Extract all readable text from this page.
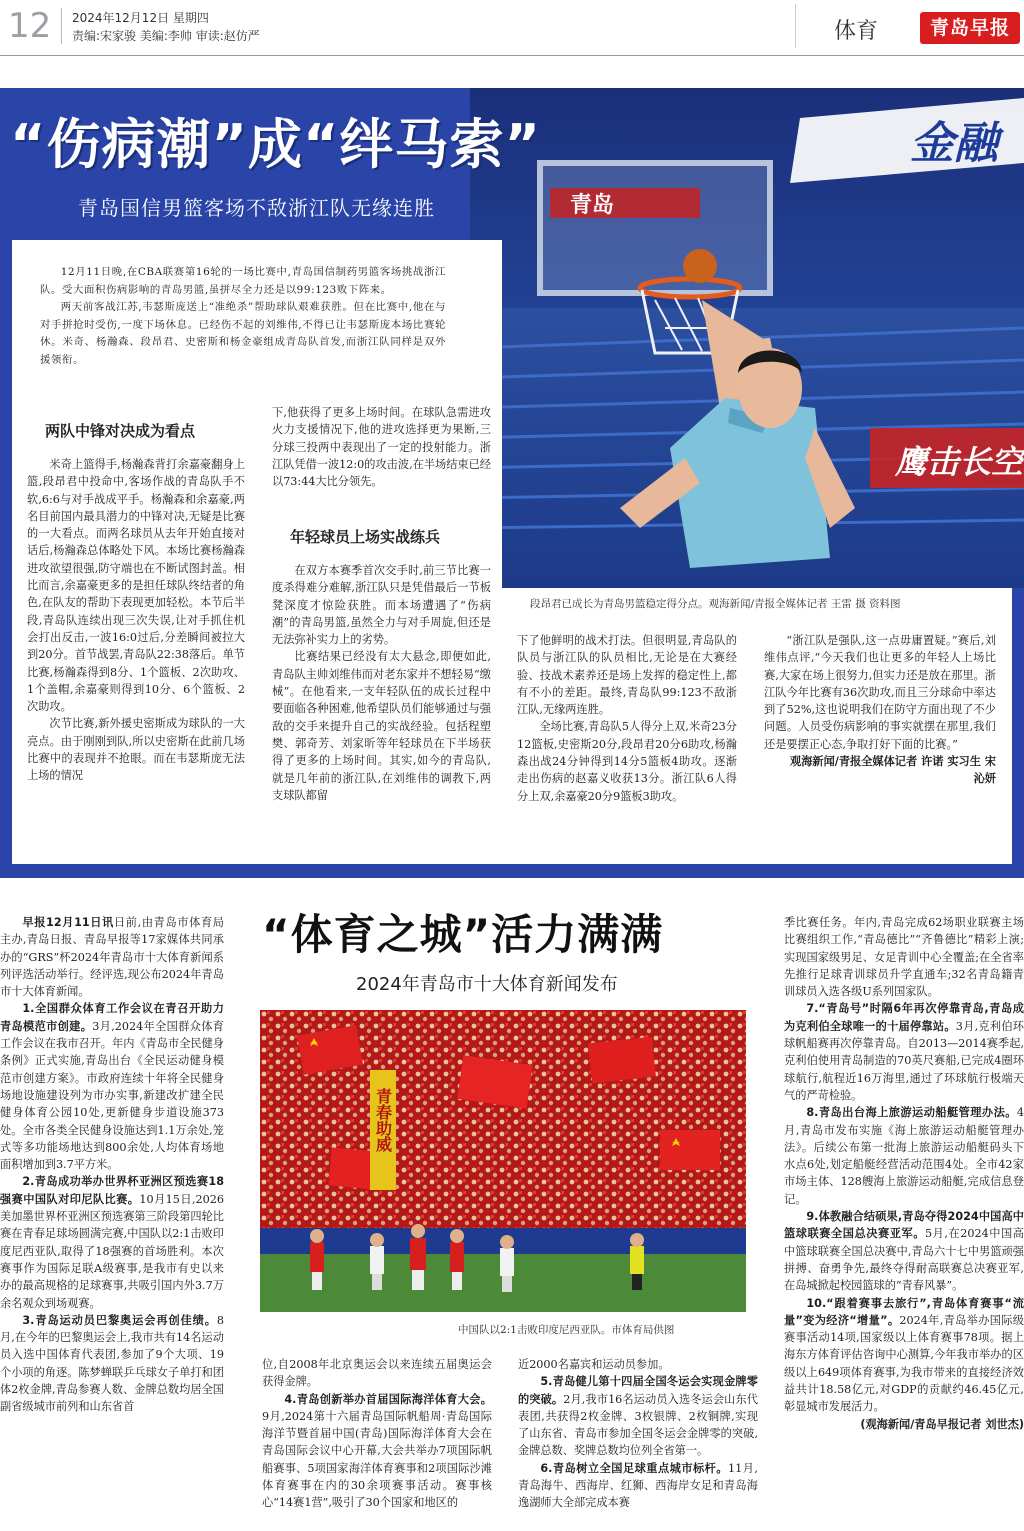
12 2024年12月12日 星期四
责编:宋家骏 美编:李帅 审读:赵仿严	体育	青岛早报
金融
青岛
鹰击长空
“伤病潮”成“绊马索”
青岛国信男篮客场不敌浙江队无缘连胜

12月11日晚,在CBA联赛第16轮的一场比赛中,青岛国信制药男篮客场挑战浙江队。受大面积伤病影响的青岛男篮,虽拼尽全力还是以99:123败下阵来。

两天前客战江苏,韦瑟斯庞送上“准绝杀”帮助球队艰难获胜。但在比赛中,他在与对手拼抢时受伤,一度下场休息。已经伤不起的刘维伟,不得已让韦瑟斯庞本场比赛轮休。米奇、杨瀚森、段昂君、史密斯和杨金豪组成青岛队首发,而浙江队同样是双外援领衔。

两队中锋对决成为看点

米奇上篮得手,杨瀚森背打余嘉豪翻身上篮,段昂君中投命中,客场作战的青岛队手不软,6:6与对手战成平手。杨瀚森和余嘉豪,两名目前国内最具潜力的中锋对决,无疑是比赛的一大看点。而两名球员从去年开始直接对话后,杨瀚森总体略处下风。本场比赛杨瀚森进攻欲望很强,防守端也在不断试图封盖。相比而言,余嘉豪更多的是担任球队终结者的角色,在队友的帮助下表现更加轻松。本节后半段,青岛队连续出现三次失误,让对手抓住机会打出反击,一波16:0过后,分差瞬间被拉大到20分。首节战罢,青岛队22:38落后。单节比赛,杨瀚森得到8分、1个篮板、2次助攻、1个盖帽,余嘉豪则得到10分、6个篮板、2次助攻。

次节比赛,新外援史密斯成为球队的一大亮点。由于刚刚到队,所以史密斯在此前几场比赛中的表现并不抢眼。而在韦瑟斯庞无法上场的情况

下,他获得了更多上场时间。在球队急需进攻火力支援情况下,他的进攻选择更为果断,三分球三投两中表现出了一定的投射能力。浙江队凭借一波12:0的攻击波,在半场结束已经以73:44大比分领先。

年轻球员上场实战练兵

在双方本赛季首次交手时,前三节比赛一度杀得难分难解,浙江队只是凭借最后一节板凳深度才惊险获胜。而本场遭遇了“伤病潮”的青岛男篮,虽然全力与对手周旋,但还是无法弥补实力上的劣势。

比赛结果已经没有太大悬念,即便如此,青岛队主帅刘维伟而对老东家并不想轻易“缴械”。在他看来,一支年轻队伍的成长过程中要面临各种困难,他希望队员们能够通过与强敌的交手来提升自己的实战经验。包括程塑樊、郭奇芳、刘家昕等年轻球员在下半场获得了更多的上场时间。其实,如今的青岛队,就是几年前的浙江队,在刘维伟的调教下,两支球队都留

段昂君已成长为青岛男篮稳定得分点。观海新闻/青报全媒体记者 王雷 摄 资料图

下了他鲜明的战术打法。但很明显,青岛队的队员与浙江队的队员相比,无论是在大赛经验、技战术素养还是场上发挥的稳定性上,都有不小的差距。最终,青岛队99:123不敌浙江队,无缘两连胜。

全场比赛,青岛队5人得分上双,米奇23分12篮板,史密斯20分,段昂君20分6助攻,杨瀚森出战24分钟得到14分5篮板4助攻。逐渐走出伤病的赵嘉义收获13分。浙江队6人得分上双,余嘉豪20分9篮板3助攻。

“浙江队是强队,这一点毋庸置疑。”赛后,刘维伟点评,“今天我们也让更多的年轻人上场比赛,大家在场上很努力,但实力还是放在那里。浙江队今年比赛有36次助攻,而且三分球命中率达到了52%,这也说明我们在防守方面出现了不少问题。人员受伤病影响的事实就摆在那里,我们还是要摆正心态,争取打好下面的比赛。”

观海新闻/青报全媒体记者 许诺 实习生 宋沁妍

“体育之城”活力满满
2024年青岛市十大体育新闻发布

早报12月11日讯日前,由青岛市体育局主办,青岛日报、青岛早报等17家媒体共同承办的“GRS”杯2024年青岛市十大体育新闻系列评选活动举行。经评选,现公布2024年青岛市十大体育新闻。

1.全国群众体育工作会议在青召开助力青岛模范市创建。3月,2024年全国群众体育工作会议在我市召开。年内《青岛市全民健身条例》正式实施,青岛出台《全民运动健身模范市创建方案》。市政府连续十年将全民健身场地设施建设列为市办实事,新建改扩建全民健身体育公园10处,更新健身步道设施373处。全市各类全民健身设施达到1.1万余处,笼式等多功能场地达到800余处,人均体育场地面积增加到3.7平方米。

2.青岛成功举办世界杯亚洲区预选赛18强赛中国队对印尼队比赛。10月15日,2026美加墨世界杯亚洲区预选赛第三阶段第四轮比赛在青春足球场圆满完赛,中国队以2:1击败印度尼西亚队,取得了18强赛的首场胜利。本次赛事作为国际足联A级赛事,是我市有史以来办的最高规格的足球赛事,共吸引国内外3.7万余名观众到场观赛。

3.青岛运动员巴黎奥运会再创佳绩。8月,在今年的巴黎奥运会上,我市共有14名运动员入选中国体育代表团,参加了9个大项、19个小项的角逐。陈梦蝉联乒乓球女子单打和团体2枚金牌,青岛参赛人数、金牌总数均居全国副省级城市前列和山东省首

青春助威
中国队以2:1击败印度尼西亚队。市体育局供图

位,自2008年北京奥运会以来连续五届奥运会获得金牌。

4.青岛创新举办首届国际海洋体育大会。9月,2024第十六届青岛国际帆船周·青岛国际海洋节暨首届中国(青岛)国际海洋体育大会在青岛国际会议中心开幕,大会共举办7项国际帆船赛事、5项国家海洋体育赛事和2项国际沙滩体育赛事在内的30余项赛事活动。赛事核心“14赛1营”,吸引了30个国家和地区的

近2000名嘉宾和运动员参加。

5.青岛健儿第十四届全国冬运会实现金牌零的突破。2月,我市16名运动员入选冬运会山东代表团,共获得2枚金牌、3枚银牌、2枚铜牌,实现了山东省、青岛市参加全国冬运会金牌零的突破,金牌总数、奖牌总数均位列全省第一。

6.青岛树立全国足球重点城市标杆。11月,青岛海牛、西海岸、红狮、西海岸女足和青岛海逸湖师大全部完成本赛

季比赛任务。年内,青岛完成62场职业联赛主场比赛组织工作,“青岛德比”“齐鲁德比”精彩上演;实现国家级男足、女足青训中心全覆盖;在全省率先推行足球青训球员升学直通车;32名青岛籍青训球员入选各级U系列国家队。

7.“青岛号”时隔6年再次停靠青岛,青岛成为克利伯全球唯一的十届停靠站。3月,克利伯环球帆船赛再次停靠青岛。自2013—2014赛季起,克利伯使用青岛制造的70英尺赛船,已完成4圈环球航行,航程近16万海里,通过了环球航行极端天气的严苛检验。

8.青岛出台海上旅游运动船艇管理办法。4月,青岛市发布实施《海上旅游运动船艇管理办法》。后续公布第一批海上旅游运动船艇码头下水点6处,划定船艇经营活动范围4处。全市42家市场主体、128艘海上旅游运动船艇,完成信息登记。

9.体教融合结硕果,青岛夺得2024中国高中篮球联赛全国总决赛亚军。5月,在2024中国高中篮球联赛全国总决赛中,青岛六十七中男篮顽强拼搏、奋勇争先,最终夺得耐高联赛总决赛亚军,在岛城掀起校园篮球的“青春风暴”。

10.“跟着赛事去旅行”,青岛体育赛事“流量”变为经济“增量”。2024年,青岛举办国际级赛事活动14项,国家级以上体育赛事78项。据上海东方体育评估咨询中心测算,今年我市举办的区级以上649项体育赛事,为我市带来的直接经济效益共计18.58亿元,对GDP的贡献约46.45亿元,彰显城市发展活力。

(观海新闻/青岛早报记者 刘世杰)
